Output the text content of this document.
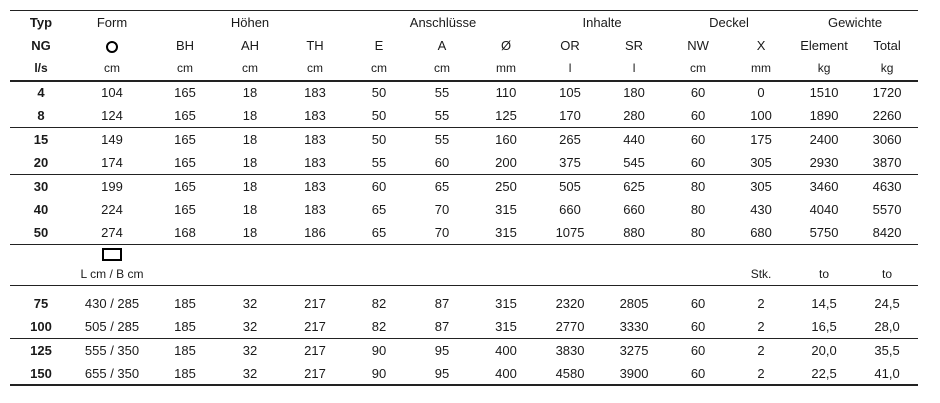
Typ	Form	Höhen			Anschlüsse			Inhalte		Deckel		Gewichte	
NG		BH	AH	TH	E	A	Ø	OR	SR	NW	X	Element	Total
l/s	cm	cm	cm	cm	cm	cm	mm	l	l	cm	mm	kg	kg
4	104	165	18	183	50	55	110	105	180	60	0	1510	1720
8	124	165	18	183	50	55	125	170	280	60	100	1890	2260
15	149	165	18	183	50	55	160	265	440	60	175	2400	3060
20	174	165	18	183	55	60	200	375	545	60	305	2930	3870
30	199	165	18	183	60	65	250	505	625	80	305	3460	4630
40	224	165	18	183	65	70	315	660	660	80	430	4040	5570
50	274	168	18	186	65	70	315	1075	880	80	680	5750	8420

	L cm / B cm										Stk.	to	to

75	430 / 285	185	32	217	82	87	315	2320	2805	60	2	14,5	24,5
100	505 / 285	185	32	217	82	87	315	2770	3330	60	2	16,5	28,0
125	555 / 350	185	32	217	90	95	400	3830	3275	60	2	20,0	35,5
150	655 / 350	185	32	217	90	95	400	4580	3900	60	2	22,5	41,0
